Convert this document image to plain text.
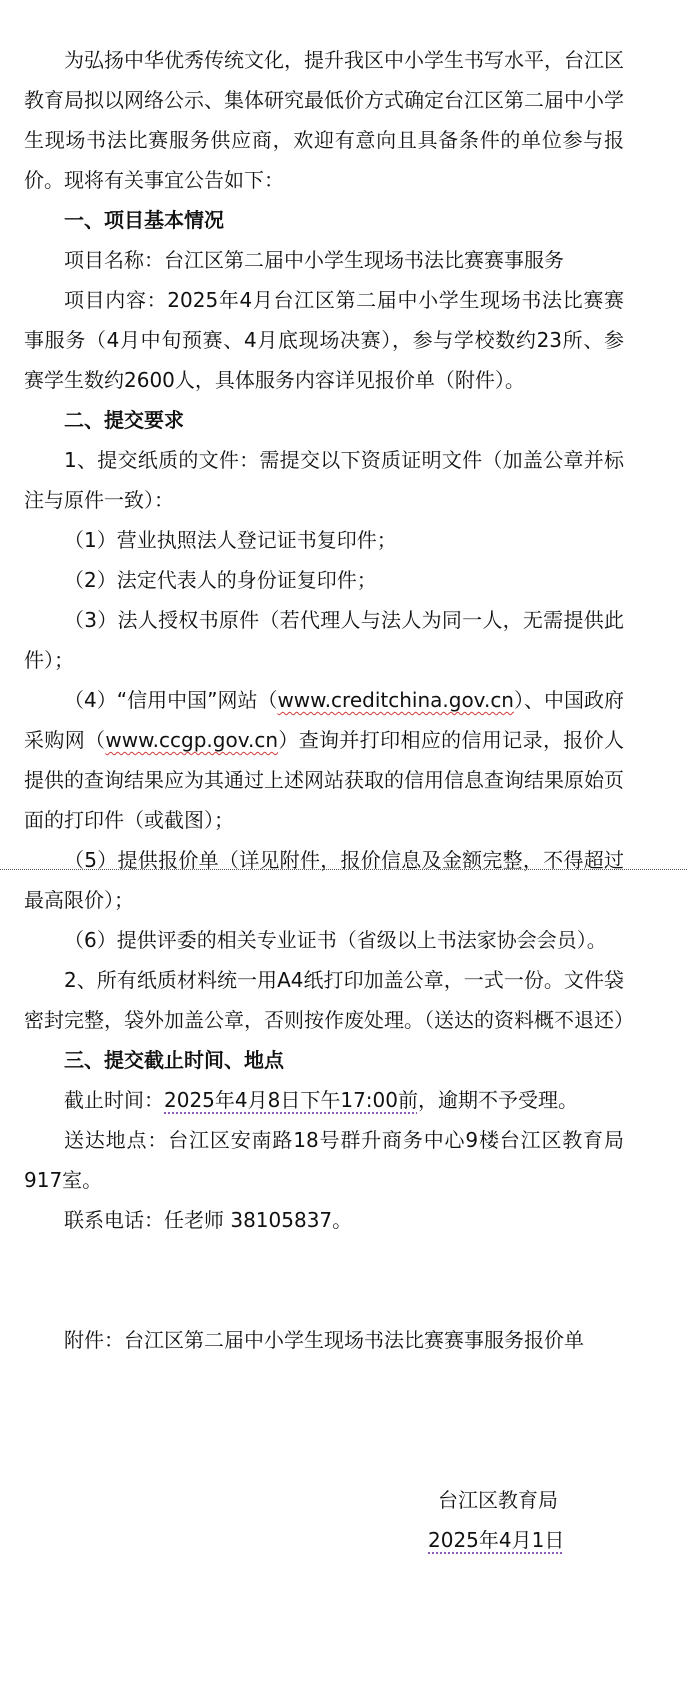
为弘扬中华优秀传统文化，提升我区中小学生书写水平，台江区教育局拟以网络公示、集体研究最低价方式确定台江区第二届中小学生现场书法比赛服务供应商，欢迎有意向且具备条件的单位参与报价。现将有关事宜公告如下：

一、项目基本情况

项目名称：台江区第二届中小学生现场书法比赛赛事服务

项目内容：2025年4月台江区第二届中小学生现场书法比赛赛事服务（4月中旬预赛、4月底现场决赛），参与学校数约23所、参赛学生数约2600人，具体服务内容详见报价单（附件）。

二、提交要求

1、提交纸质的文件：需提交以下资质证明文件（加盖公章并标注与原件一致）：

（1）营业执照法人登记证书复印件；

（2）法定代表人的身份证复印件；

（3）法人授权书原件（若代理人与法人为同一人，无需提供此件）；

（4）“信用中国”网站（www.creditchina.gov.cn）、中国政府采购网（www.ccgp.gov.cn）查询并打印相应的信用记录，报价人提供的查询结果应为其通过上述网站获取的信用信息查询结果原始页面的打印件（或截图）；

（5）提供报价单（详见附件，报价信息及金额完整，不得超过最高限价）；

（6）提供评委的相关专业证书（省级以上书法家协会会员）。

2、所有纸质材料统一用A4纸打印加盖公章，一式一份。文件袋密封完整，袋外加盖公章，否则按作废处理。（送达的资料概不退还）

三、提交截止时间、地点

截止时间：2025年4月8日下午17:00前，逾期不予受理。

送达地点：台江区安南路18号群升商务中心9楼台江区教育局917室。

联系电话：任老师 38105837。

附件：台江区第二届中小学生现场书法比赛赛事服务报价单

台江区教育局

2025年4月1日
